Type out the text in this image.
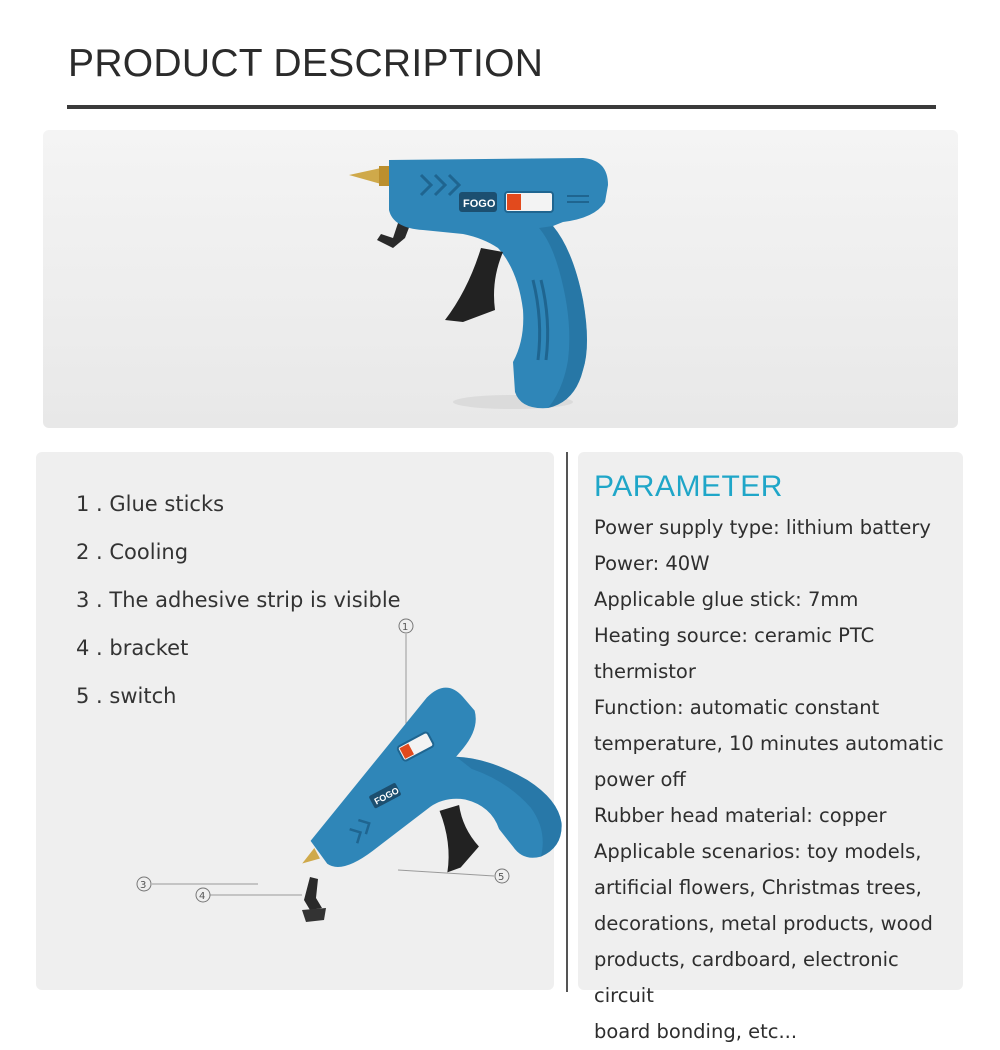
PRODUCT DESCRIPTION
FOGO
1 . Glue sticks
2 . Cooling
3 . The adhesive strip is visible
4 . bracket
5 . switch
1
3
4
5
FOGO
PARAMETER

Power supply type: lithium battery

Power: 40W

Applicable glue stick: 7mm

Heating source: ceramic PTC thermistor

Function: automatic constant

temperature, 10 minutes automatic

power off

Rubber head material: copper

Applicable scenarios: toy models,

artificial flowers, Christmas trees,

decorations, metal products, wood

products, cardboard, electronic circuit

board bonding, etc...
